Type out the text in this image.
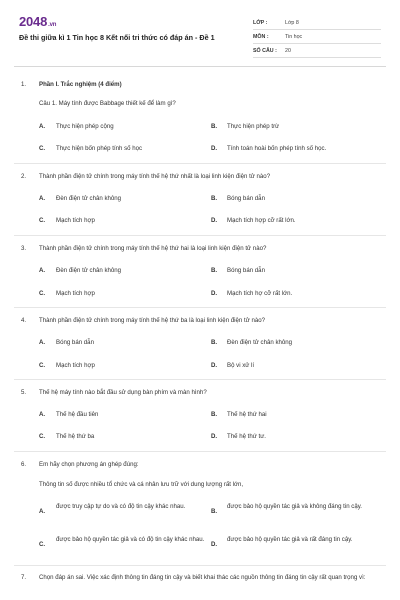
2048.vn
Đề thi giữa kì 1 Tin học 8 Kết nối tri thức có đáp án - Đề 1
LỚP :	Lớp 8
MÔN :	Tin học
SỐ CÂU : 20
1.	Phần I. Trắc nghiệm (4 điểm)
Câu 1. Máy tính được Babbage thiết kế để làm gì?
A.	Thực hiện phép cộng	B.	Thực hiện phép trừ
C.	Thực hiện bốn phép tính số học	D.	Tính toán hoài bốn phép tính số học.
2.	Thành phần điện tử chính trong máy tính thế hệ thứ nhất là loại linh kiện điện tử nào?
A.	Đèn điện tử chân không	B.	Bóng bán dẫn
C.	Mạch tích hợp	D.	Mạch tích hợp cỡ rất lớn.
3.	Thành phần điện tử chính trong máy tính thế hệ thứ hai là loại linh kiện điện tử nào?
A.	Đèn điện tử chân không	B.	Bóng bán dẫn
C.	Mạch tích hợp	D.	Mạch tích hợ cỡ rất lớn.
4.	Thành phần điện tử chính trong máy tính thế hệ thứ ba là loại linh kiện điện tử nào?
A.	Bóng bán dẫn	B.	Đèn điện tử chân không
C.	Mạch tích hợp	D.	Bộ vi xử lí
5.	Thế hệ máy tính nào bắt đầu sử dụng bàn phím và màn hình?
A.	Thế hệ đầu tiên	B.	Thế hệ thứ hai
C.	Thế hệ thứ ba	D.	Thế hệ thứ tư.
6.	Em hãy chọn phương án ghép đúng:
Thông tin số được nhiều tổ chức và cá nhân lưu trữ với dung lượng rất lớn,
A.
được truy cập tự do và có độ tin cậy khác nhau.
B.
được bảo hộ quyền tác giả và không đáng tin cậy.
C.
được bảo hộ quyền tác giả và có độ tin cậy khác nhau.
D.
được bảo hộ quyền tác giả và rất đáng tin cậy.
7.	Chọn đáp án sai. Việc xác định thông tin đáng tin cậy và biết khai thác các nguồn thông tin đáng tin cậy rất quan trọng vì:
